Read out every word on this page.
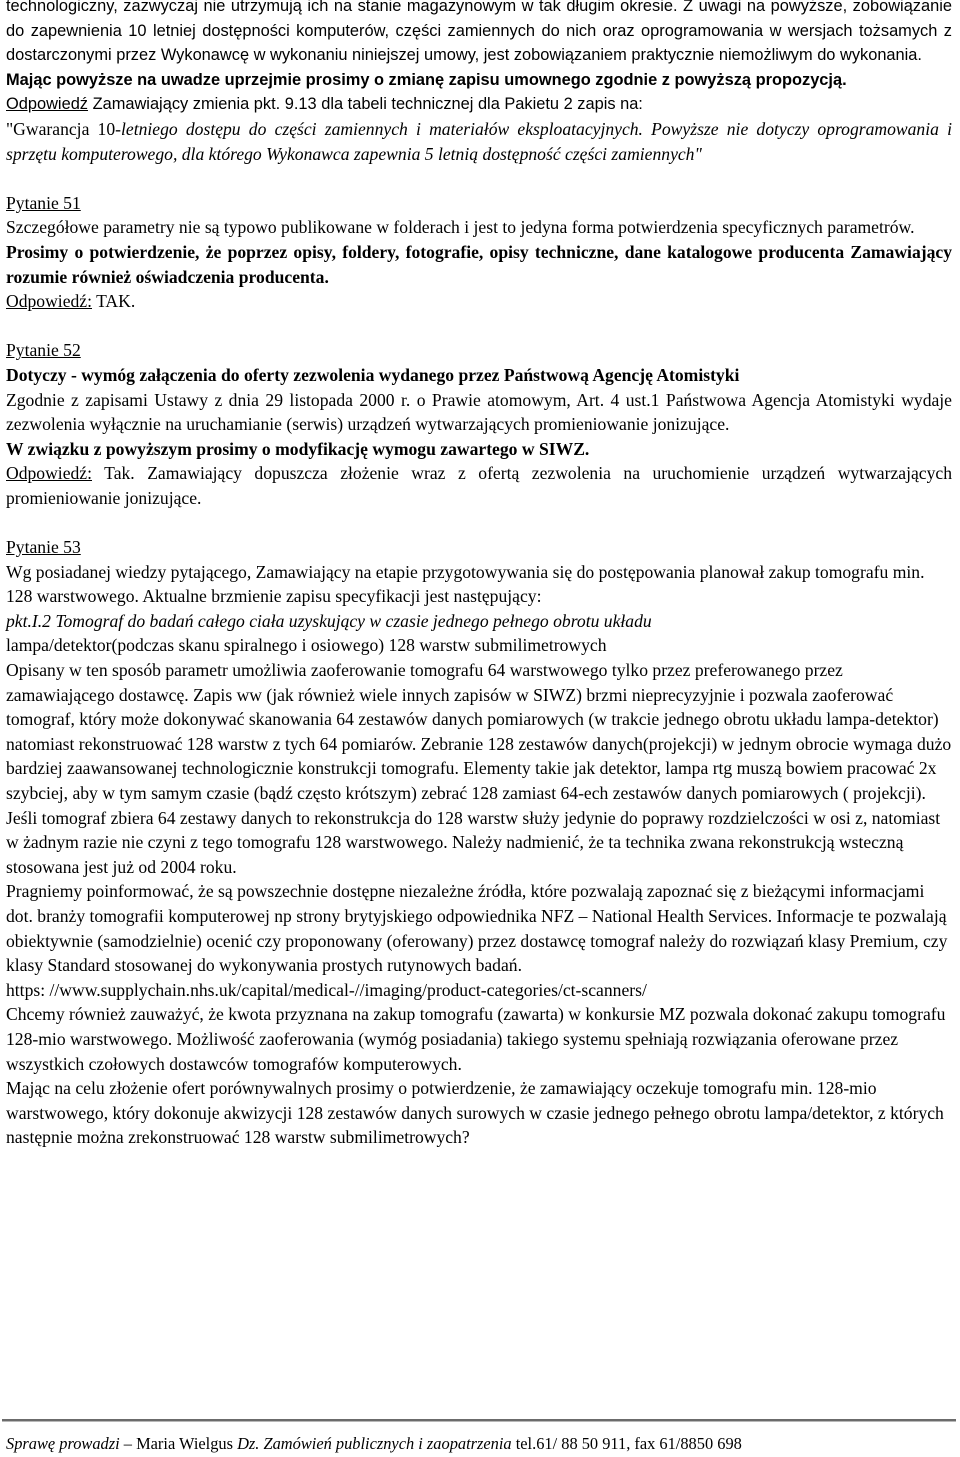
technologiczny, zazwyczaj nie utrzymują ich na stanie magazynowym w tak długim okresie. Z uwagi na powyższe, zobowiązanie do zapewnienia 10 letniej dostępności komputerów, części zamiennych do nich oraz oprogramowania w wersjach tożsamych z dostarczonymi przez Wykonawcę w wykonaniu niniejszej umowy, jest zobowiązaniem praktycznie niemożliwym do wykonania.

Mając powyższe na uwadze uprzejmie prosimy o zmianę zapisu umownego zgodnie z powyższą propozycją.

Odpowiedź Zamawiający zmienia pkt. 9.13 dla tabeli technicznej dla Pakietu 2 zapis na:

"Gwarancja 10-letniego dostępu do części zamiennych i materiałów eksploatacyjnych. Powyższe nie dotyczy oprogramowania i sprzętu komputerowego, dla którego Wykonawca zapewnia 5 letnią dostępność części zamiennych"

Pytanie 51

Szczegółowe parametry nie są typowo publikowane w folderach i jest to jedyna forma potwierdzenia specyficznych parametrów.

Prosimy o potwierdzenie, że poprzez opisy, foldery, fotografie, opisy techniczne, dane katalogowe producenta Zamawiający rozumie również oświadczenia producenta.

Odpowiedź: TAK.

Pytanie 52

Dotyczy - wymóg załączenia do oferty zezwolenia wydanego przez Państwową Agencję Atomistyki

Zgodnie z zapisami Ustawy z dnia 29 listopada 2000 r. o Prawie atomowym, Art. 4 ust.1 Państwowa Agencja Atomistyki wydaje zezwolenia wyłącznie na uruchamianie (serwis) urządzeń wytwarzających promieniowanie jonizujące.

W związku z powyższym prosimy o modyfikację wymogu zawartego w SIWZ.

Odpowiedź: Tak. Zamawiający dopuszcza złożenie wraz z ofertą zezwolenia na uruchomienie urządzeń wytwarzających promieniowanie jonizujące.

Pytanie 53

Wg posiadanej wiedzy pytającego, Zamawiający na etapie przygotowywania się do postępowania planował zakup tomografu min. 128 warstwowego. Aktualne brzmienie zapisu specyfikacji jest następujący:

pkt.I.2 Tomograf do badań całego ciała uzyskujący w czasie jednego pełnego obrotu układu

lampa/detektor(podczas skanu spiralnego i osiowego) 128 warstw submilimetrowych

Opisany w ten sposób parametr umożliwia zaoferowanie tomografu 64 warstwowego tylko przez preferowanego przez zamawiającego dostawcę. Zapis ww (jak również wiele innych zapisów w SIWZ) brzmi nieprecyzyjnie i pozwala zaoferować tomograf, który może dokonywać skanowania 64 zestawów danych pomiarowych (w trakcie jednego obrotu układu lampa-detektor) natomiast rekonstruować 128 warstw z tych 64 pomiarów. Zebranie 128 zestawów danych(projekcji) w jednym obrocie wymaga dużo bardziej zaawansowanej technologicznie konstrukcji tomografu. Elementy takie jak detektor, lampa rtg muszą bowiem pracować 2x szybciej, aby w tym samym czasie (bądź często krótszym) zebrać 128 zamiast 64-ech zestawów danych pomiarowych ( projekcji).

Jeśli tomograf zbiera 64 zestawy danych to rekonstrukcja do 128 warstw służy jedynie do poprawy rozdzielczości w osi z, natomiast w żadnym razie nie czyni z tego tomografu 128 warstwowego. Należy nadmienić, że ta technika zwana rekonstrukcją wsteczną stosowana jest już od 2004 roku.

Pragniemy poinformować, że są powszechnie dostępne niezależne źródła, które pozwalają zapoznać się z bieżącymi informacjami dot. branży tomografii komputerowej np strony brytyjskiego odpowiednika NFZ – National Health Services. Informacje te pozwalają obiektywnie (samodzielnie) ocenić czy proponowany (oferowany) przez dostawcę tomograf należy do rozwiązań klasy Premium, czy klasy Standard stosowanej do wykonywania prostych rutynowych badań.

https: //www.supplychain.nhs.uk/capital/medical-//imaging/product-categories/ct-scanners/

Chcemy również zauważyć, że kwota przyznana na zakup tomografu (zawarta) w konkursie MZ pozwala dokonać zakupu tomografu 128-mio warstwowego. Możliwość zaoferowania (wymóg posiadania) takiego systemu spełniają rozwiązania oferowane przez wszystkich czołowych dostawców tomografów komputerowych.

Mając na celu złożenie ofert porównywalnych prosimy o potwierdzenie, że zamawiający oczekuje tomografu min. 128-mio warstwowego, który dokonuje akwizycji 128 zestawów danych surowych w czasie jednego pełnego obrotu lampa/detektor, z których następnie można zrekonstruować 128 warstw submilimetrowych?

Sprawę prowadzi – Maria Wielgus Dz. Zamówień publicznych i zaopatrzenia tel.61/ 88 50 911, fax 61/8850 698
